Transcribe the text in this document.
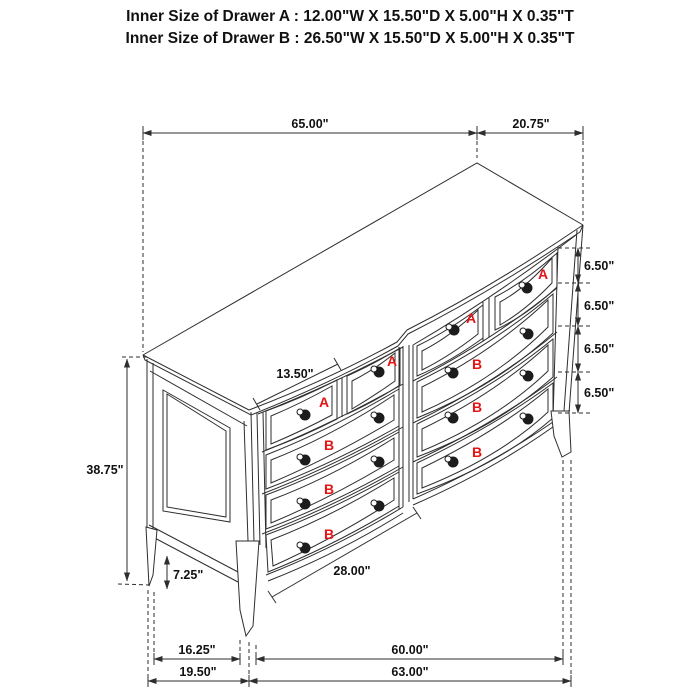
Inner Size of Drawer A : 12.00"W X 15.50"D X 5.00"H X 0.35"T
Inner Size of Drawer B : 26.50"W X 15.50"D X 5.00"H X 0.35"T
A
A
A
A
B
B
B
B
B
B
65.00"	20.75"
6.50"
6.50"
6.50"
6.50"
13.50"
28.00"
38.75"
7.25"
16.25"	60.00"
19.50"	63.00"
